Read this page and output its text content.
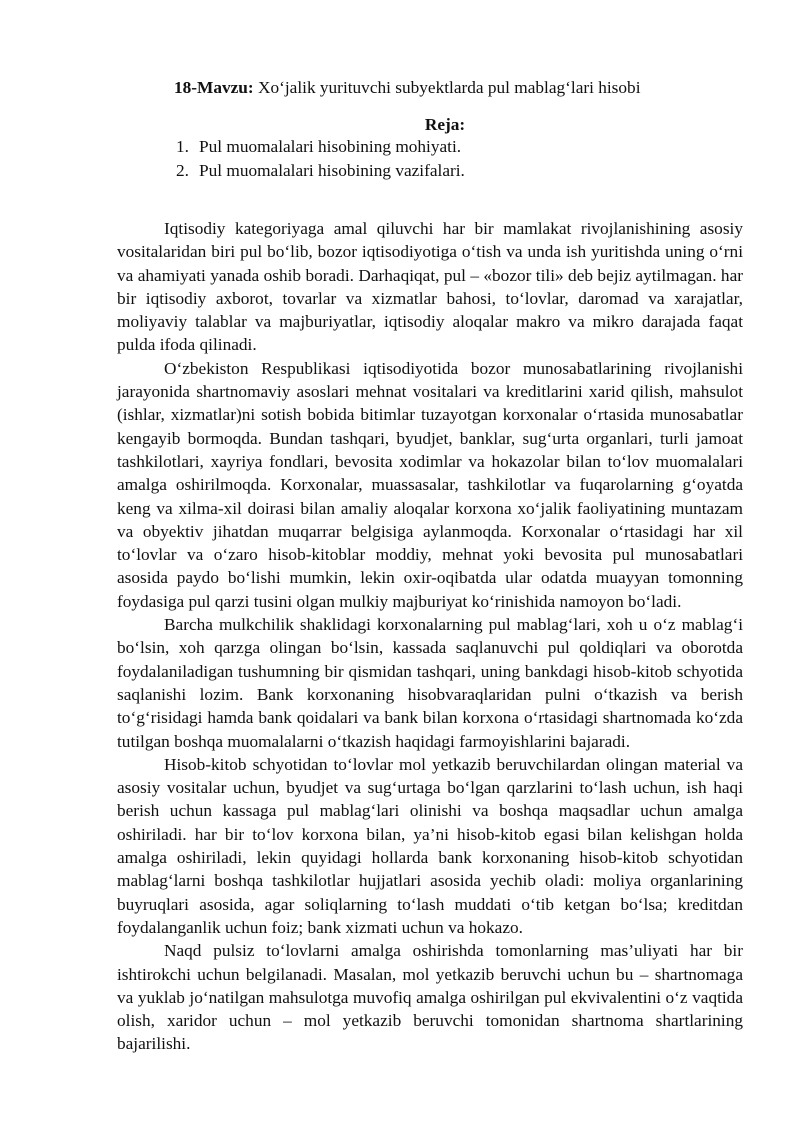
18-Mavzu: Xo‘jalik yurituvchi subyektlarda pul mablag‘lari hisobi
Reja:
1. Pul muomalalari hisobining mohiyati.
2. Pul muomalalari hisobining vazifalari.

Iqtisodiy kategoriyaga amal qiluvchi har bir mamlakat rivojlanishining asosiy vositalaridan biri pul bo‘lib, bozor iqtisodiyotiga o‘tish va unda ish yuritishda uning o‘rni va ahamiyati yanada oshib boradi. Darhaqiqat, pul – «bozor tili» deb bejiz aytilmagan. har bir iqtisodiy axborot, tovarlar va xizmatlar bahosi, to‘lovlar, daromad va xarajatlar, moliyaviy talablar va majburiyatlar, iqtisodiy aloqalar makro va mikro darajada faqat pulda ifoda qilinadi.

O‘zbekiston Respublikasi iqtisodiyotida bozor munosabatlarining rivojlanishi jarayonida shartnomaviy asoslari mehnat vositalari va kreditlarini xarid qilish, mahsulot (ishlar, xizmatlar)ni sotish bobida bitimlar tuzayotgan korxonalar o‘rtasida munosabatlar kengayib bormoqda. Bundan tashqari, byudjet, banklar, sug‘urta organlari, turli jamoat tashkilotlari, xayriya fondlari, bevosita xodimlar va hokazolar bilan to‘lov muomalalari amalga oshirilmoqda. Korxonalar, muassasalar, tashkilotlar va fuqarolarning g‘oyatda keng va xilma-xil doirasi bilan amaliy aloqalar korxona xo‘jalik faoliyatining muntazam va obyektiv jihatdan muqarrar belgisiga aylanmoqda. Korxonalar o‘rtasidagi har xil to‘lovlar va o‘zaro hisob-kitoblar moddiy, mehnat yoki bevosita pul munosabatlari asosida paydo bo‘lishi mumkin, lekin oxir-oqibatda ular odatda muayyan tomonning foydasiga pul qarzi tusini olgan mulkiy majburiyat ko‘rinishida namoyon bo‘ladi.

Barcha mulkchilik shaklidagi korxonalarning pul mablag‘lari, xoh u o‘z mablag‘i bo‘lsin, xoh qarzga olingan bo‘lsin, kassada saqlanuvchi pul qoldiqlari va oborotda foydalaniladigan tushumning bir qismidan tashqari, uning bankdagi hisob-kitob schyotida saqlanishi lozim. Bank korxonaning hisobvaraqlaridan pulni o‘tkazish va berish to‘g‘risidagi hamda bank qoidalari va bank bilan korxona o‘rtasidagi shartnomada ko‘zda tutilgan boshqa muomalalarni o‘tkazish haqidagi farmoyishlarini bajaradi.

Hisob-kitob schyotidan to‘lovlar mol yetkazib beruvchilardan olingan material va asosiy vositalar uchun, byudjet va sug‘urtaga bo‘lgan qarzlarini to‘lash uchun, ish haqi berish uchun kassaga pul mablag‘lari olinishi va boshqa maqsadlar uchun amalga oshiriladi. har bir to‘lov korxona bilan, ya’ni hisob-kitob egasi bilan kelishgan holda amalga oshiriladi, lekin quyidagi hollarda bank korxonaning hisob-kitob schyotidan mablag‘larni boshqa tashkilotlar hujjatlari asosida yechib oladi: moliya organlarining buyruqlari asosida, agar soliqlarning to‘lash muddati o‘tib ketgan bo‘lsa; kreditdan foydalanganlik uchun foiz; bank xizmati uchun va hokazo.

Naqd pulsiz to‘lovlarni amalga oshirishda tomonlarning mas’uliyati har bir ishtirokchi uchun belgilanadi. Masalan, mol yetkazib beruvchi uchun bu – shartnomaga va yuklab jo‘natilgan mahsulotga muvofiq amalga oshirilgan pul ekvivalentini o‘z vaqtida olish, xaridor uchun – mol yetkazib beruvchi tomonidan shartnoma shartlarining bajarilishi.
